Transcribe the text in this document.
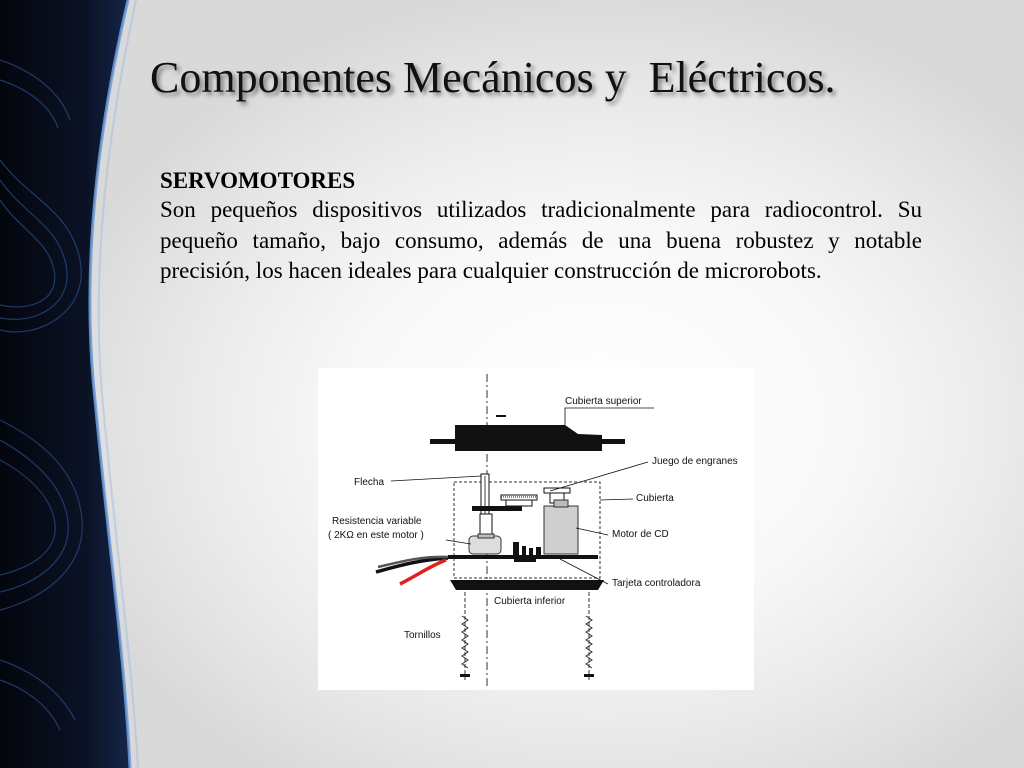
Componentes Mecánicos y  Eléctricos.
SERVOMOTORES

Son pequeños dispositivos utilizados tradicionalmente para radiocontrol. Su pequeño tamaño, bajo consumo, además de una buena robustez y notable precisión, los hacen ideales para cualquier construcción de microrobots.

Cubierta superior
Juego de engranes
Flecha
Cubierta
Resistencia variable
( 2KΩ en este motor )	Motor de CD
Tarjeta controladora
Cubierta inferior
Tornillos
